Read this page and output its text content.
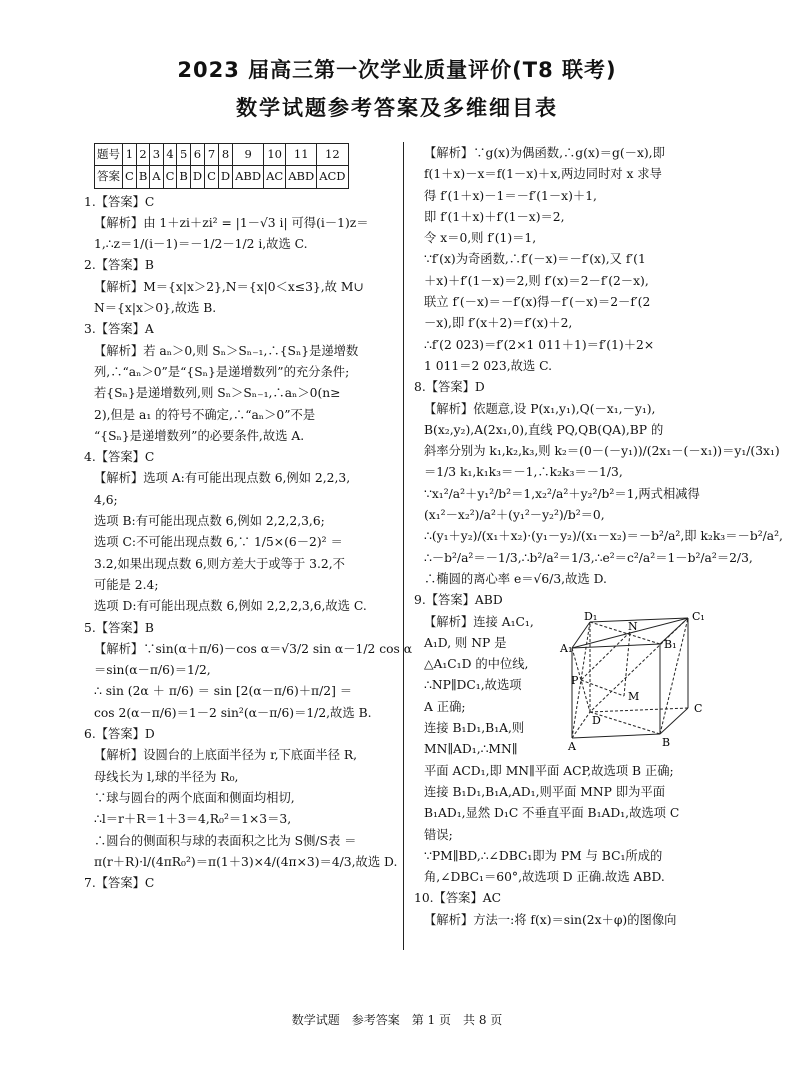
2023 届高三第一次学业质量评价(T8 联考)
数学试题参考答案及多维细目表
题号	1	2	3	4	5	6	7	8	9	10	11	12
答案	C	B	A	C	B	D	C	D	ABD	AC	ABD	ACD
1.【答案】C
【解析】由 1＋zi＋zi² = |1－√3 i| 可得(i－1)z＝
1,∴z＝1/(i－1)＝－1/2－1/2 i,故选 C.
2.【答案】B
【解析】M＝{x|x＞2},N＝{x|0＜x≤3},故 M∪
N＝{x|x＞0},故选 B.
3.【答案】A
【解析】若 aₙ＞0,则 Sₙ＞Sₙ₋₁,∴{Sₙ}是递增数
列,∴“aₙ＞0”是“{Sₙ}是递增数列”的充分条件;
若{Sₙ}是递增数列,则 Sₙ＞Sₙ₋₁,∴aₙ＞0(n≥
2),但是 a₁ 的符号不确定,∴“aₙ＞0”不是
“{Sₙ}是递增数列”的必要条件,故选 A.
4.【答案】C
【解析】选项 A:有可能出现点数 6,例如 2,2,3,
4,6;
选项 B:有可能出现点数 6,例如 2,2,2,3,6;
选项 C:不可能出现点数 6,∵ 1/5×(6－2)² ＝
3.2,如果出现点数 6,则方差大于或等于 3.2,不
可能是 2.4;
选项 D:有可能出现点数 6,例如 2,2,2,3,6,故选 C.
5.【答案】B
【解析】∵sin(α＋π/6)－cos α＝√3/2 sin α－1/2 cos α
＝sin(α－π/6)＝1/2,
∴ sin (2α ＋ π/6) ＝ sin [2(α－π/6)＋π/2] ＝
cos 2(α－π/6)＝1－2 sin²(α－π/6)＝1/2,故选 B.
6.【答案】D
【解析】设圆台的上底面半径为 r,下底面半径 R,
母线长为 l,球的半径为 R₀,
∵球与圆台的两个底面和侧面均相切,
∴l＝r＋R＝1＋3＝4,R₀²＝1×3＝3,
∴圆台的侧面积与球的表面积之比为 S侧/S表 ＝
π(r＋R)·l/(4πR₀²)＝π(1＋3)×4/(4π×3)＝4/3,故选 D.
7.【答案】C
【解析】∵g(x)为偶函数,∴g(x)＝g(－x),即
f(1＋x)－x＝f(1－x)＋x,两边同时对 x 求导
得 f′(1＋x)－1＝－f′(1－x)＋1,
即 f′(1＋x)＋f′(1－x)＝2,
令 x＝0,则 f′(1)＝1,
∵f′(x)为奇函数,∴f′(－x)＝－f′(x),又 f′(1
＋x)＋f′(1－x)＝2,则 f′(x)＝2－f′(2－x),
联立 f′(－x)＝－f′(x)得－f′(－x)＝2－f′(2
－x),即 f′(x＋2)＝f′(x)＋2,
∴f′(2 023)＝f′(2×1 011＋1)＝f′(1)＋2×
1 011＝2 023,故选 C.
8.【答案】D
【解析】依题意,设 P(x₁,y₁),Q(－x₁,－y₁),
B(x₂,y₂),A(2x₁,0),直线 PQ,QB(QA),BP 的
斜率分别为 k₁,k₂,k₃,则 k₂＝(0－(－y₁))/(2x₁－(－x₁))＝y₁/(3x₁)
＝1/3 k₁,k₁k₃＝－1,∴k₂k₃＝－1/3,
∵x₁²/a²＋y₁²/b²＝1,x₂²/a²＋y₂²/b²＝1,两式相减得
(x₁²－x₂²)/a²＋(y₁²－y₂²)/b²＝0,
∴(y₁＋y₂)/(x₁＋x₂)·(y₁－y₂)/(x₁－x₂)＝－b²/a²,即 k₂k₃＝－b²/a²,
∴－b²/a²＝－1/3,∴b²/a²＝1/3,∴e²＝c²/a²＝1－b²/a²＝2/3,
∴椭圆的离心率 e＝√6/3,故选 D.
9.【答案】ABD
D₁
N
C₁
A₁	B₁
P
M
D
C
A	B
【解析】连接 A₁C₁,
A₁D, 则 NP 是
△A₁C₁D 的中位线,
∴NP∥DC₁,故选项
A 正确;
连接 B₁D₁,B₁A,则
MN∥AD₁,∴MN∥
平面 ACD₁,即 MN∥平面 ACP,故选项 B 正确;
连接 B₁D₁,B₁A,AD₁,则平面 MNP 即为平面
B₁AD₁,显然 D₁C 不垂直平面 B₁AD₁,故选项 C
错误;
∵PM∥BD,∴∠DBC₁即为 PM 与 BC₁所成的
角,∠DBC₁＝60°,故选项 D 正确.故选 ABD.
10.【答案】AC
【解析】方法一:将 f(x)＝sin(2x＋φ)的图像向
数学试题　参考答案　第 1 页　共 8 页
